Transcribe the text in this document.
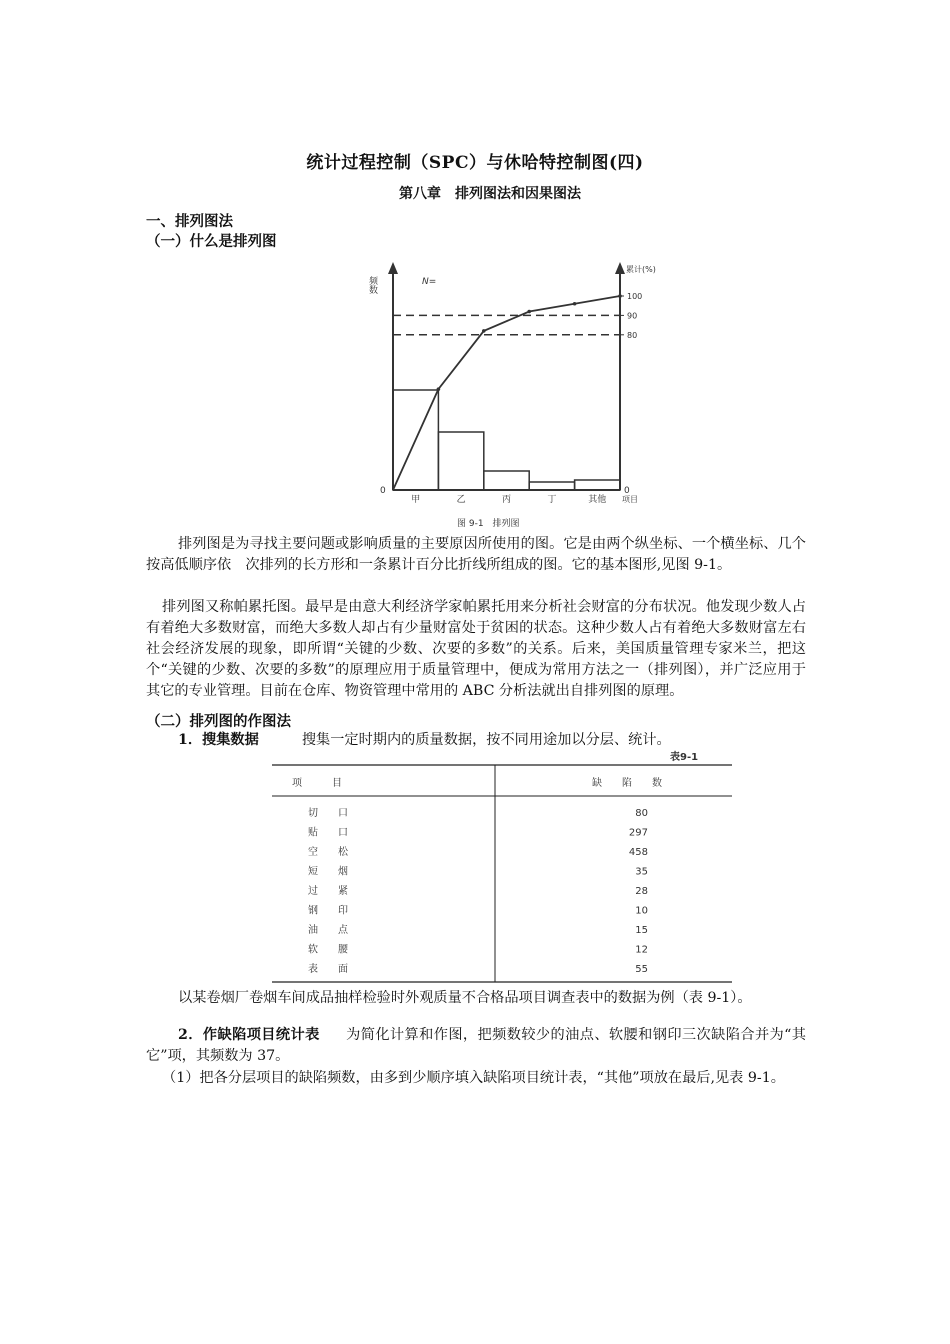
统计过程控制（SPC）与休哈特控制图(四)
第八章　排列图法和因果图法
一、排列图法
（一）什么是排列图
频数
累计(%)
N=
0	0
项目
甲	乙	丙	丁	其他
80
90
100
图 9-1　排列图

排列图是为寻找主要问题或影响质量的主要原因所使用的图。它是由两个纵坐标、一个横坐标、几个按高低顺序依　次排列的长方形和一条累计百分比折线所组成的图。它的基本图形,见图 9-1。

排列图又称帕累托图。最早是由意大利经济学家帕累托用来分析社会财富的分布状况。他发现少数人占有着绝大多数财富，而绝大多数人却占有少量财富处于贫困的状态。这种少数人占有着绝大多数财富左右社会经济发展的现象，即所谓“关键的少数、次要的多数”的关系。后来，美国质量管理专家米兰，把这个“关键的少数、次要的多数”的原理应用于质量管理中，便成为常用方法之一（排列图），并广泛应用于其它的专业管理。目前在仓库、物资管理中常用的 ABC 分析法就出自排列图的原理。

（二）排列图的作图法
1．搜集数据	搜集一定时期内的质量数据，按不同用途加以分层、统计。
表9-1
项　　　目	缺　　陷　　数
切　　口	80
贴　　口	297
空　　松	458
短　　烟	35
过　　紧	28
钢　　印	10
油　　点	15
软　　腰	12
表　　面	55

以某卷烟厂卷烟车间成品抽样检验时外观质量不合格品项目调查表中的数据为例（表 9-1）。

2．作缺陷项目统计表 为简化计算和作图，把频数较少的油点、软腰和钢印三次缺陷合并为“其它”项，其频数为 37。

（1）把各分层项目的缺陷频数，由多到少顺序填入缺陷项目统计表，“其他”项放在最后,见表 9-1。
